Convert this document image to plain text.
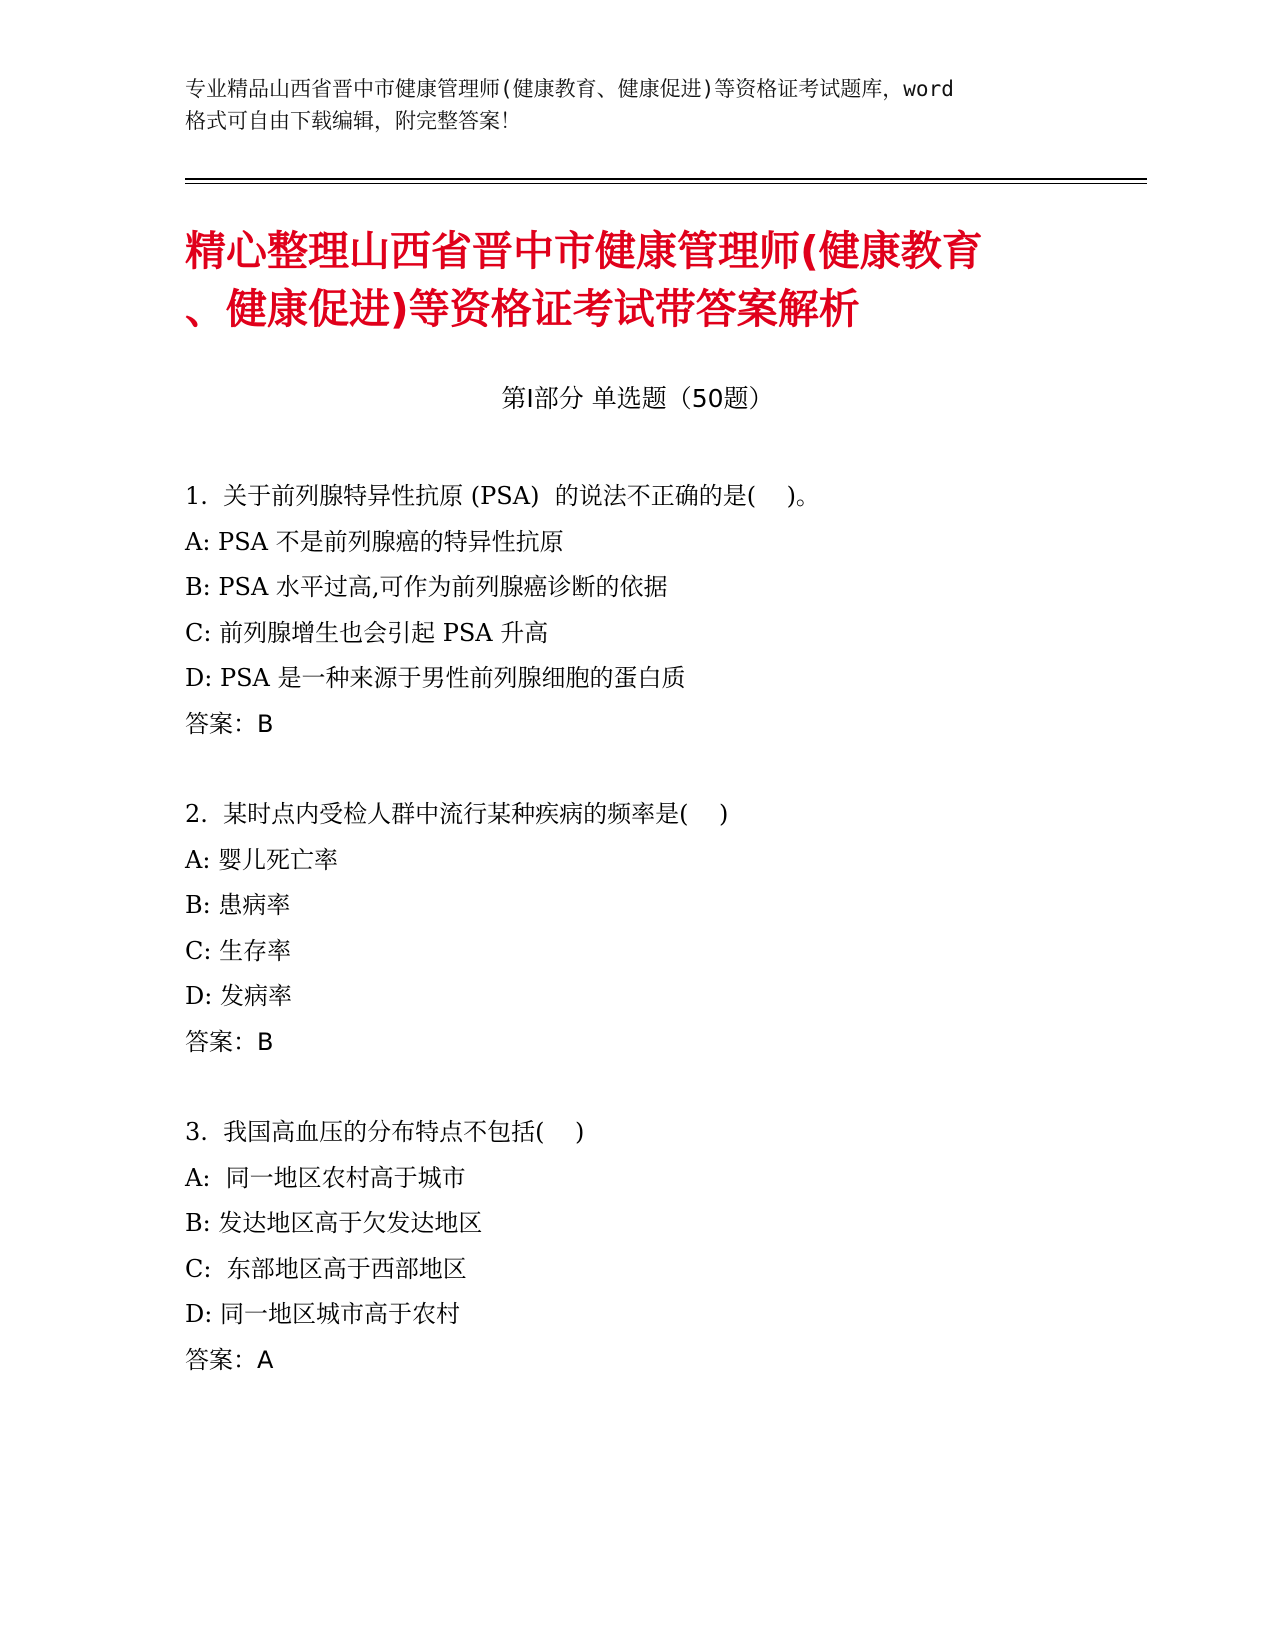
专业精品山西省晋中市健康管理师(健康教育、健康促进)等资格证考试题库，word
格式可自由下载编辑，附完整答案！
精心整理山西省晋中市健康管理师(健康教育
、健康促进)等资格证考试带答案解析
第Ⅰ部分 单选题（50题）
1.  关于前列腺特异性抗原 (PSA)  的说法不正确的是(    )。
A: PSA 不是前列腺癌的特异性抗原
B: PSA 水平过高,可作为前列腺癌诊断的依据
C: 前列腺增生也会引起 PSA 升高
D: PSA 是一种来源于男性前列腺细胞的蛋白质
答案：B
2.  某时点内受检人群中流行某种疾病的频率是(    )
A: 婴儿死亡率
B: 患病率
C: 生存率
D: 发病率
答案：B
3.  我国高血压的分布特点不包括(    )
A:  同一地区农村高于城市
B: 发达地区高于欠发达地区
C:  东部地区高于西部地区
D: 同一地区城市高于农村
答案：A
